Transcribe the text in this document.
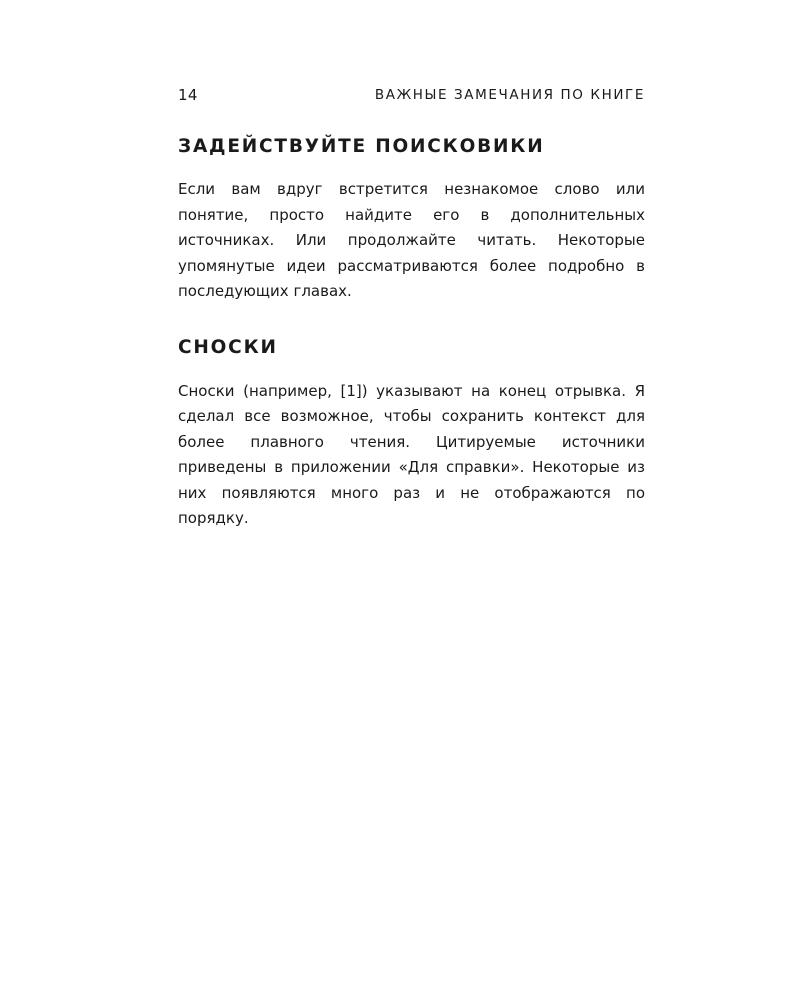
14	ВАЖНЫЕ ЗАМЕЧАНИЯ ПО КНИГЕ
ЗАДЕЙСТВУЙТЕ ПОИСКОВИКИ

Если вам вдруг встретится незнакомое слово или понятие, просто найдите его в дополнительных источниках. Или продолжайте читать. Некоторые упомянутые идеи рассматриваются более подробно в последующих главах.

СНОСКИ

Сноски (например, [1]) указывают на конец отрывка. Я сделал все возможное, чтобы сохранить контекст для более плавного чтения. Цитируемые источники приведены в приложении «Для справки». Некоторые из них появляются много раз и не отображаются по порядку.
